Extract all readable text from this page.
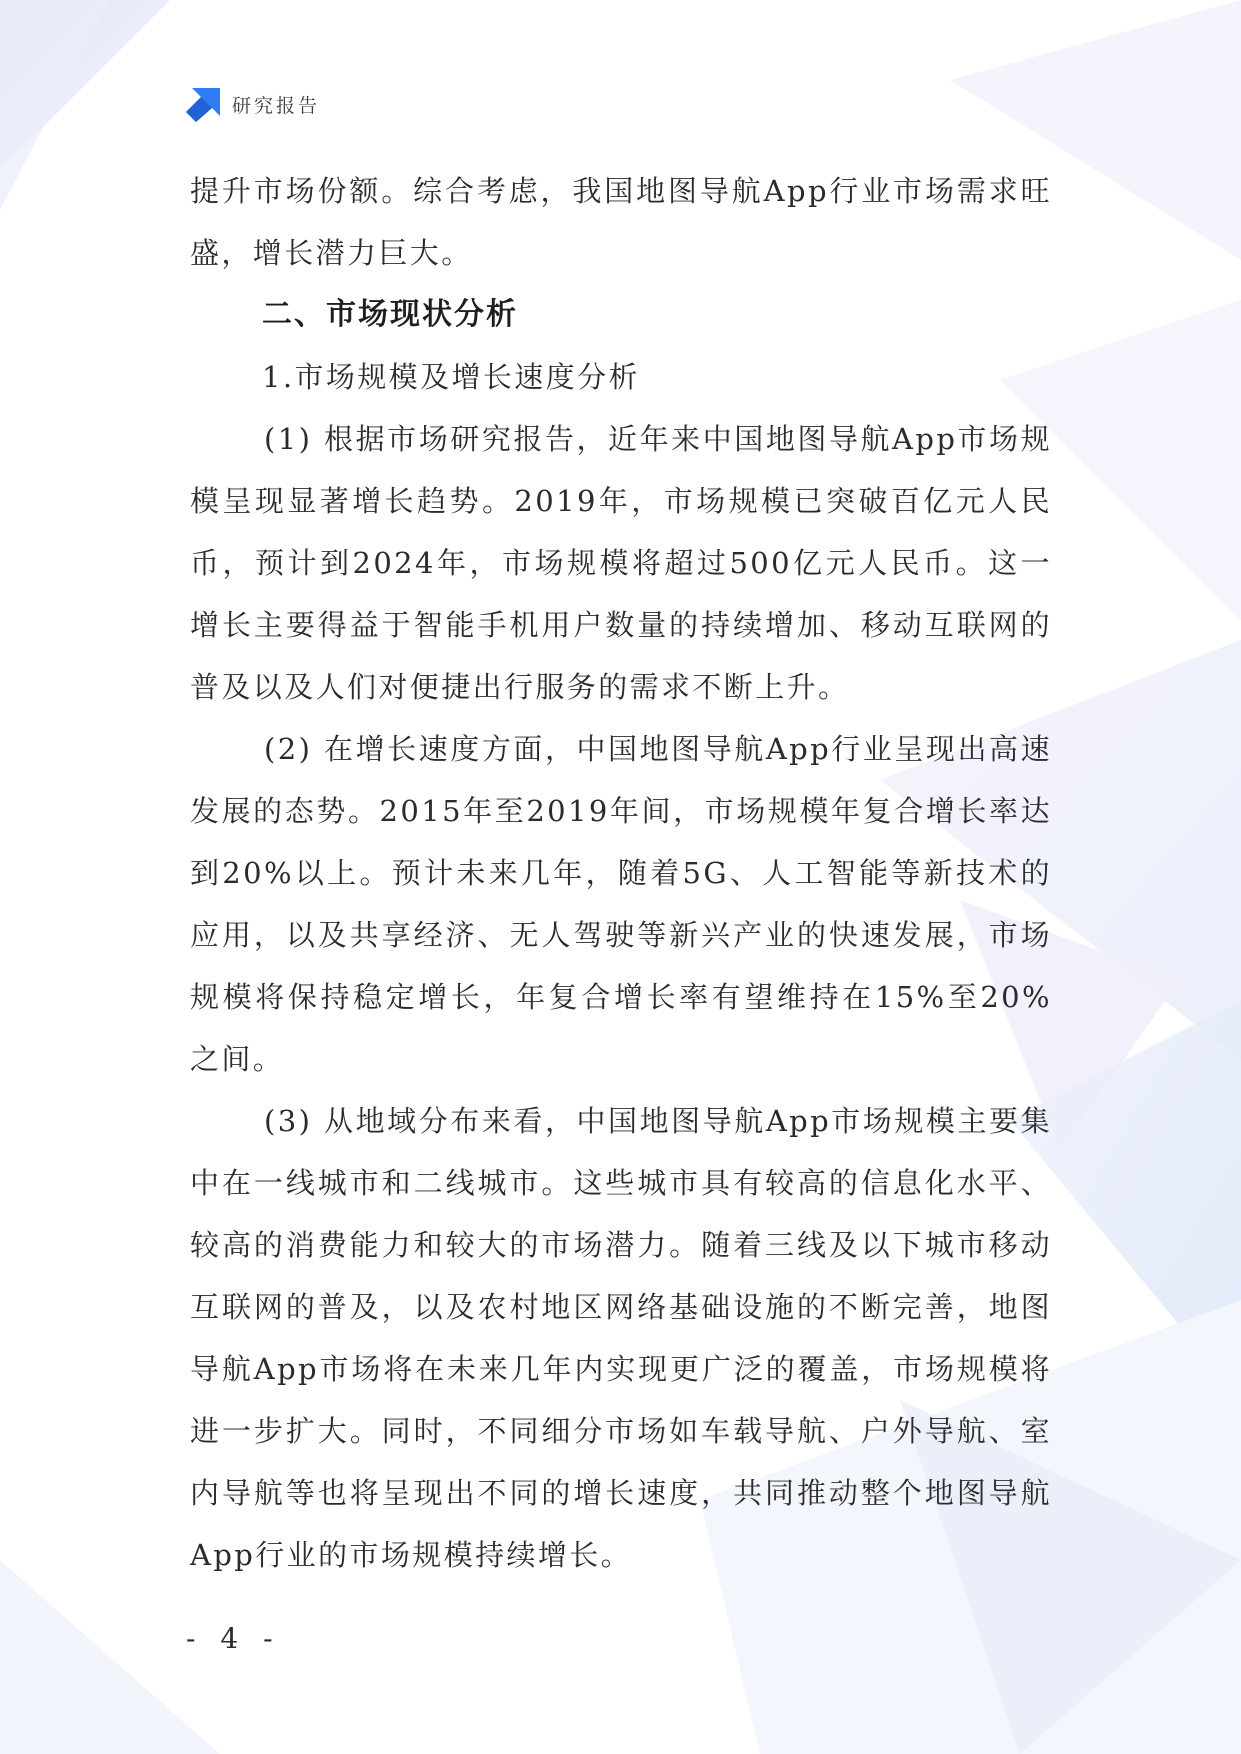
研究报告

提升市场份额。综合考虑，我国地图导航App行业市场需求旺盛，增长潜力巨大。

二、市场现状分析

1.市场规模及增长速度分析

(1) 根据市场研究报告，近年来中国地图导航App市场规模呈现显著增长趋势。2019年，市场规模已突破百亿元人民币，预计到2024年，市场规模将超过500亿元人民币。这一增长主要得益于智能手机用户数量的持续增加、移动互联网的普及以及人们对便捷出行服务的需求不断上升。

(2) 在增长速度方面，中国地图导航App行业呈现出高速发展的态势。2015年至2019年间，市场规模年复合增长率达到20%以上。预计未来几年，随着5G、人工智能等新技术的应用，以及共享经济、无人驾驶等新兴产业的快速发展，市场规模将保持稳定增长，年复合增长率有望维持在15%至20%之间。

(3) 从地域分布来看，中国地图导航App市场规模主要集中在一线城市和二线城市。这些城市具有较高的信息化水平、较高的消费能力和较大的市场潜力。随着三线及以下城市移动互联网的普及，以及农村地区网络基础设施的不断完善，地图导航App市场将在未来几年内实现更广泛的覆盖，市场规模将进一步扩大。同时，不同细分市场如车载导航、户外导航、室内导航等也将呈现出不同的增长速度，共同推动整个地图导航App行业的市场规模持续增长。

- 4 -
